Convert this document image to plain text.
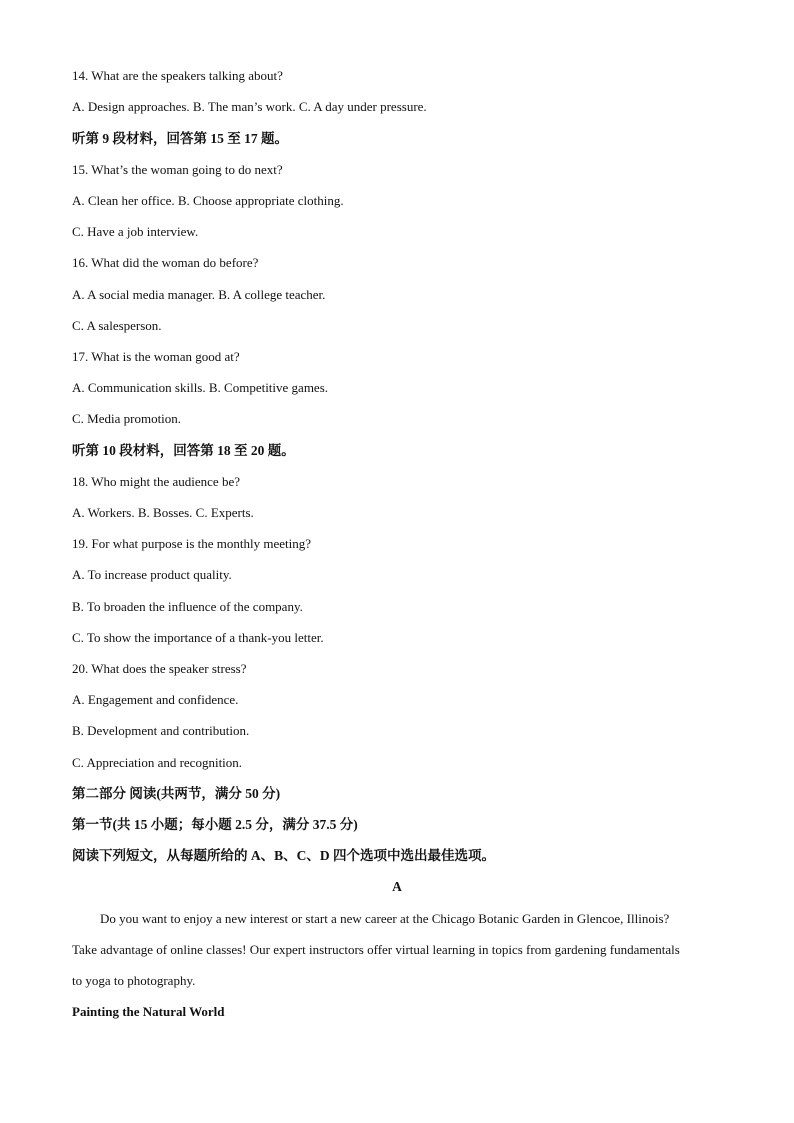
14. What are the speakers talking about?
A. Design approaches. B. The man’s work. C. A day under pressure.
听第 9 段材料，回答第 15 至 17 题。
15. What’s the woman going to do next?
A. Clean her office. B. Choose appropriate clothing.
C. Have a job interview.
16. What did the woman do before?
A. A social media manager. B. A college teacher.
C. A salesperson.
17. What is the woman good at?
A. Communication skills. B. Competitive games.
C. Media promotion.
听第 10 段材料，回答第 18 至 20 题。
18. Who might the audience be?
A. Workers. B. Bosses. C. Experts.
19. For what purpose is the monthly meeting?
A. To increase product quality.
B. To broaden the influence of the company.
C. To show the importance of a thank-you letter.
20. What does the speaker stress?
A. Engagement and confidence.
B. Development and contribution.
C. Appreciation and recognition.
第二部分 阅读(共两节，满分 50 分)
第一节(共 15 小题；每小题 2.5 分，满分 37.5 分)
阅读下列短文，从每题所给的 A、B、C、D 四个选项中选出最佳选项。
A
Do you want to enjoy a new interest or start a new career at the Chicago Botanic Garden in Glencoe, Illinois?
Take advantage of online classes! Our expert instructors offer virtual learning in topics from gardening fundamentals
to yoga to photography.
Painting the Natural World
